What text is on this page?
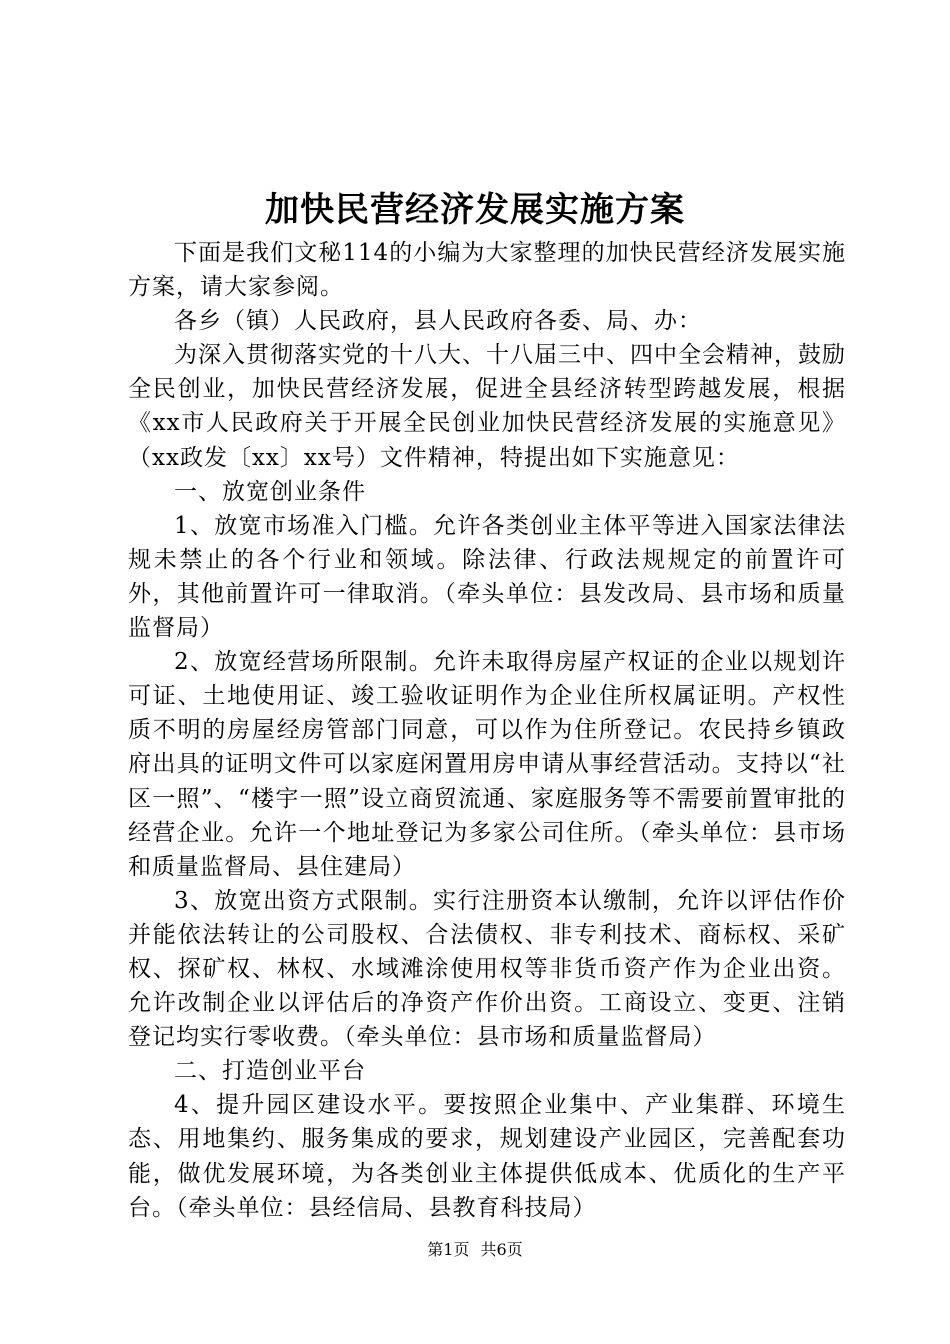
加快民营经济发展实施方案

下面是我们文秘114的小编为大家整理的加快民营经济发展实施方案，请大家参阅。

各乡（镇）人民政府，县人民政府各委、局、办：

为深入贯彻落实党的十八大、十八届三中、四中全会精神，鼓励全民创业，加快民营经济发展，促进全县经济转型跨越发展，根据《xx市人民政府关于开展全民创业加快民营经济发展的实施意见》（xx政发〔xx〕xx号）文件精神，特提出如下实施意见：

一、放宽创业条件

1、放宽市场准入门槛。允许各类创业主体平等进入国家法律法规未禁止的各个行业和领域。除法律、行政法规规定的前置许可外，其他前置许可一律取消。（牵头单位：县发改局、县市场和质量监督局）

2、放宽经营场所限制。允许未取得房屋产权证的企业以规划许可证、土地使用证、竣工验收证明作为企业住所权属证明。产权性质不明的房屋经房管部门同意，可以作为住所登记。农民持乡镇政府出具的证明文件可以家庭闲置用房申请从事经营活动。支持以“社区一照”、“楼宇一照”设立商贸流通、家庭服务等不需要前置审批的经营企业。允许一个地址登记为多家公司住所。（牵头单位：县市场和质量监督局、县住建局）

3、放宽出资方式限制。实行注册资本认缴制，允许以评估作价并能依法转让的公司股权、合法债权、非专利技术、商标权、采矿权、探矿权、林权、水域滩涂使用权等非货币资产作为企业出资。允许改制企业以评估后的净资产作价出资。工商设立、变更、注销登记均实行零收费。（牵头单位：县市场和质量监督局）

二、打造创业平台

4、提升园区建设水平。要按照企业集中、产业集群、环境生态、用地集约、服务集成的要求，规划建设产业园区，完善配套功能，做优发展环境，为各类创业主体提供低成本、优质化的生产平台。（牵头单位：县经信局、县教育科技局）

第1页 共6页
